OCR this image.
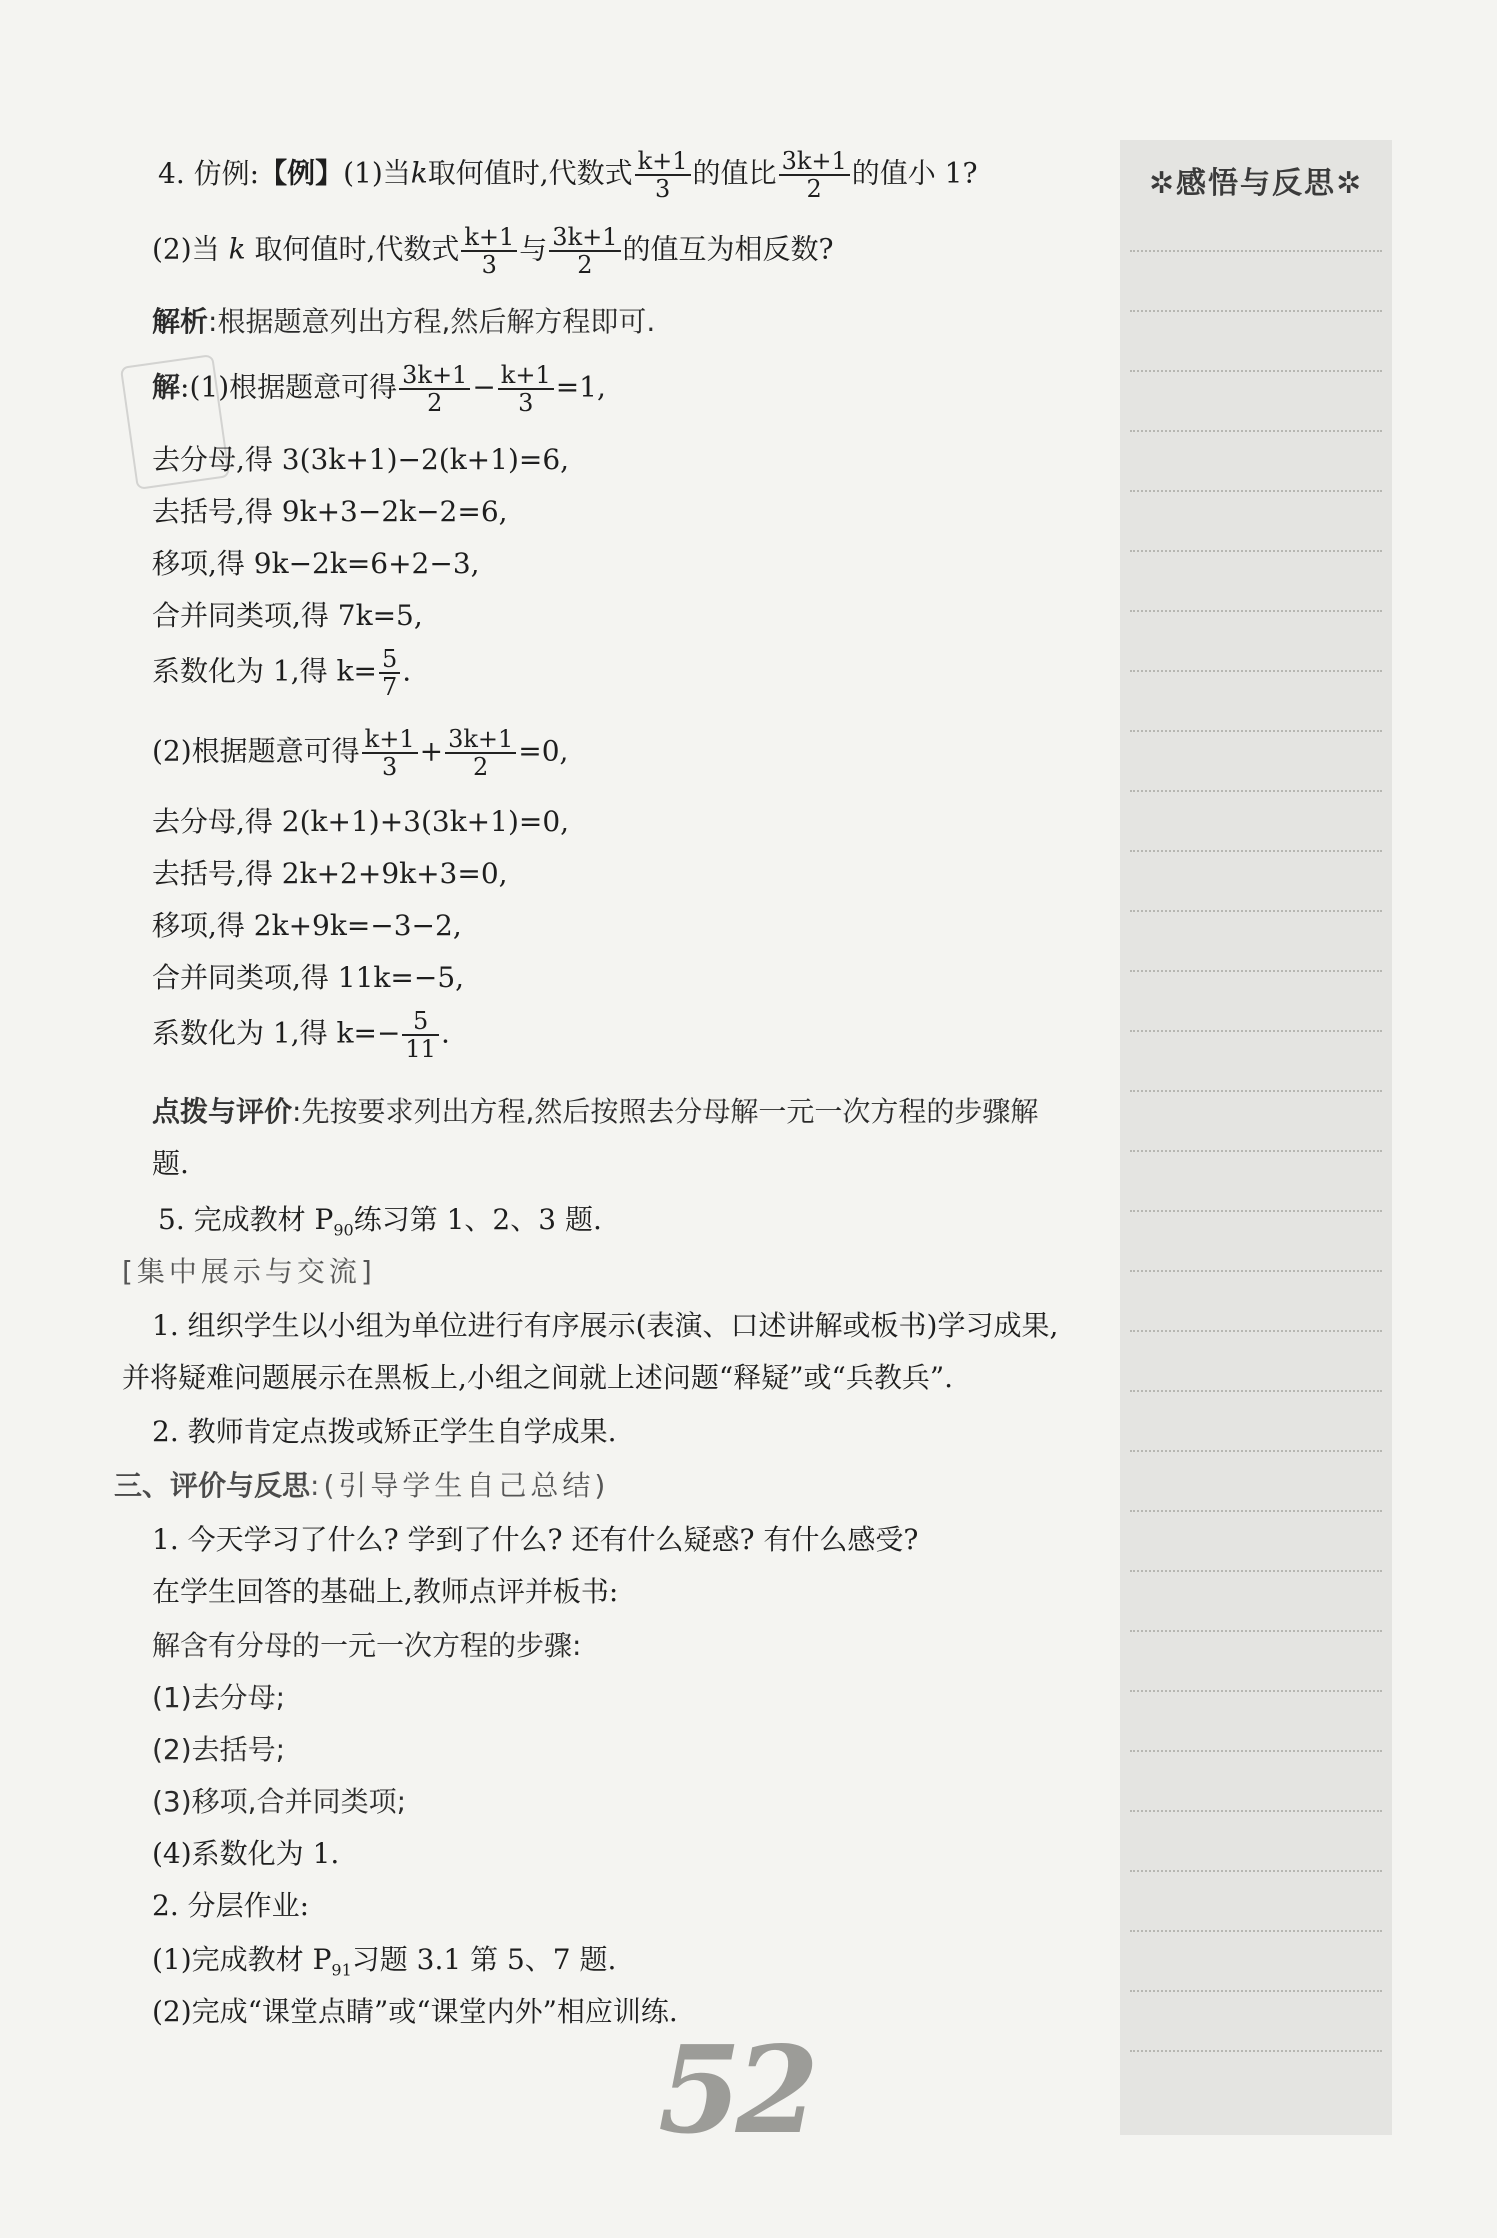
4. 仿例:【例】(1)当k取何值时,代数式 $\frac{k+1}{3}$ 的值比 $\frac{3k+1}{2}$ 的值小 1?
(2)当 k 取何值时,代数式 $\frac{k+1}{3}$ 与 $\frac{3k+1}{2}$ 的值互为相反数?
解析:根据题意列出方程,然后解方程即可.
解:(1)根据题意可得 $\frac{3k+1}{2} - \frac{k+1}{3} =1$,
去分母,得 3(3k+1)−2(k+1)=6,
去括号,得 9k+3−2k−2=6,
移项,得 9k−2k=6+2−3,
合并同类项,得 7k=5,
系数化为 1,得 $k= \frac{5}{7}$ .
(2)根据题意可得 $\frac{k+1}{3} + \frac{3k+1}{2} =0$,
去分母,得 2(k+1)+3(3k+1)=0,
去括号,得 2k+2+9k+3=0,
移项,得 2k+9k=−3−2,
合并同类项,得 11k=−5,
系数化为 1,得 $k=- \frac{5}{11}$ .
点拨与评价:先按要求列出方程,然后按照去分母解一元一次方程的步骤解
题.
5. 完成教材 $P_{90}$练习第 1、2、3 题.
[集中展示与交流]
1. 组织学生以小组为单位进行有序展示(表演、口述讲解或板书)学习成果,
并将疑难问题展示在黑板上,小组之间就上述问题“释疑”或“兵教兵”.
2. 教师肯定点拨或矫正学生自学成果.
三、评价与反思:(引导学生自己总结)
1. 今天学习了什么? 学到了什么? 还有什么疑惑? 有什么感受?
在学生回答的基础上,教师点评并板书:
解含有分母的一元一次方程的步骤:
(1)去分母;
(2)去括号;
(3)移项,合并同类项;
(4)系数化为 1.
2. 分层作业:
(1)完成教材 $P_{91}$习题 3.1 第 5、7 题.
(2)完成“课堂点睛”或“课堂内外”相应训练.
✲感悟与反思✲
52
